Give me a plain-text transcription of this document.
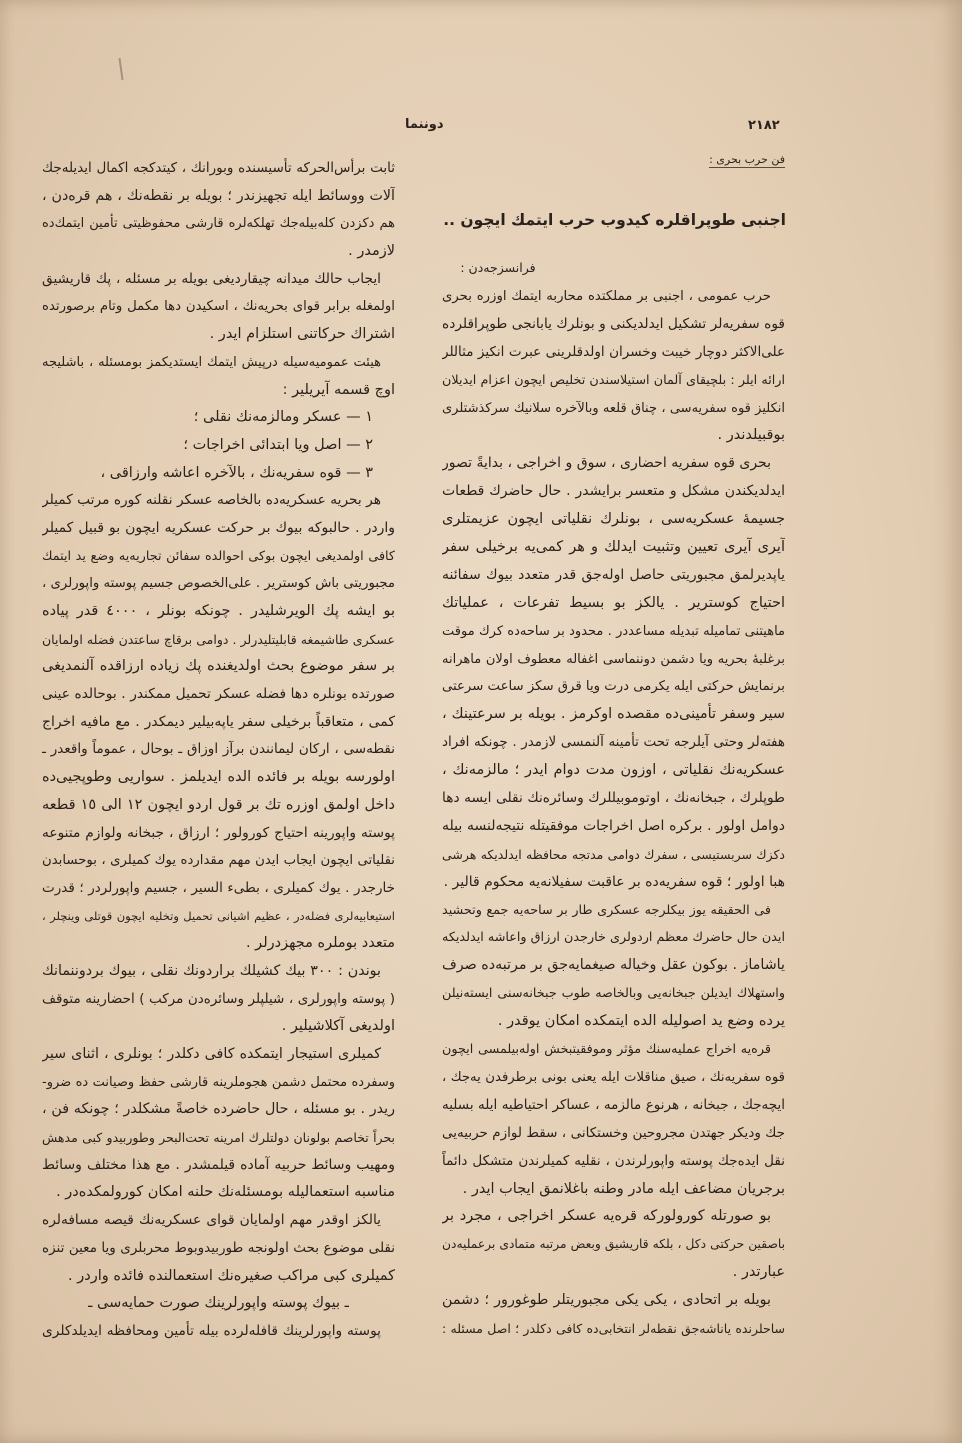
٢١٨٢
دوننما
فن حرب بحری :
اجنبی طوپراقلره کیدوب حرب ایتمك ایچون ..
فرانسزجه‌دن :
حرب عمومی ، اجنبی بر مملکتده محاربه ایتمك اوزره بحری
قوه سفریه‌لر تشکیل ایدلدیکنی و بونلرك یابانجی طوپراقلرده
علی‌الاکثر دوچار خیبت وخسران اولدقلرینی عبرت انکیز مثاللر
ارائه ایلر : بلچیقای آلمان استیلاسندن تخلیص ایچون اعزام ایدیلان
انکلیز قوه سفریه‌سی ، چناق قلعه وبالآخره سلانیك سرکذشتلری
بوقبیلدندر .
بحری قوه سفریه احضاری ، سوق و اخراجی ، بدایةً تصور
ایدلدیکندن مشکل و متعسر برایشدر . حال حاضرك قطعات
جسیمهٔ عسکریه‌سی ، بونلرك نقلیاتی ایچون عزیمتلری
آیری آیری تعیین وتثبیت ایدلك و هر کمی‌یه برخیلی سفر
یاپدیرلمق مجبوریتی حاصل اوله‌جق قدر متعدد بیوك سفائنه
احتیاج کوستریر . یالکز بو بسیط تفرعات ، عملیاتك
ماهیتنی تمامیله تبدیله مساعددر . محدود بر ساحه‌ده کرك موقت
برغلبهٔ بحریه ویا دشمن دوننماسی اغفاله معطوف اولان ماهرانه
برنمایش حرکتی ایله یکرمی درت ویا قرق سکز ساعت سرعتی
سیر وسفر تأمینی‌ده مقصده اوکرمز . بویله بر سرعتینك ،
هفته‌لر وحتی آیلرجه تحت تأمینه آلنمسی لازمدر . چونکه افراد
عسکریه‌نك نقلیاتی ، اوزون مدت دوام ایدر ؛ مالزمه‌نك ،
طوپلرك ، جبخانه‌نك ، اوتوموبیللرك وسائره‌نك نقلی ایسه دها
دوامل اولور . برکره اصل اخراجات موفقیتله نتیجه‌لنسه بیله
دکزك سربستیسی ، سفرك دوامی مدتجه محافظه ایدلدیکه هرشی
هبا اولور ؛ قوه سفریه‌ده بر عاقبت سفیلانه‌یه محکوم قالیر .
فی الحقیقه یوز بیکلرجه عسکری طار بر ساحه‌یه جمع وتحشید
ایدن حال حاضرك معظم اردولری خارجدن ارزاق واعاشه ایدلدیکه
یاشاماز . بوکون عقل وخیاله صیغمایه‌جق بر مرتبه‌ده صرف
واستهلاك ایدیلن جبخانه‌یی وبالخاصه طوب جبخانه‌سنی ایسته‌نیلن
یرده وضع ید اصولیله الده ایتمکده امکان یوقدر .
قره‌یه اخراج عملیه‌سنك مؤثر وموفقیتبخش اوله‌بیلمسی ایچون
قوه سفریه‌نك ، صیق مناقلات ایله یعنی بونی برطرفدن یه‌جك ،
ایچه‌جك ، جبخانه ، هرنوع مالزمه ، عساکر احتیاطیه ایله بسلیه‌
جك ودیکر جهتدن مجروحین وخستکانی ، سقط لوازم حربیه‌یی
نقل ایده‌جك پوسته واپورلرندن ، نقلیه کمیلرندن متشکل دائماً
برجریان مضاعف ایله مادر وطنه باغلانمق ایجاب ایدر .
بو صورتله کورولورکه قره‌یه عسکر اخراجی ، مجرد بر
باصقین حرکتی دکل ، بلکه قاریشیق وبعض مرتبه متمادی برعملیه‌دن
عبارتدر .
بویله بر اتحادی ، یکی یکی مجبوریتلر طوغورور ؛ دشمن
ساحلرنده یاناشه‌جق نقطه‌لر انتخابی‌ده کافی دکلدر ؛ اصل مسئله :
ثابت برأس‌الحرکه تأسیسنده وبورانك ، کیتدکجه اکمال ایدیله‌جك
آلات ووسائط ایله تجهیزندر ؛ بویله بر نقطه‌نك ، هم قره‌دن ،
هم دکزدن کله‌بیله‌جك تهلکه‌لره قارشی محفوظیتی تأمین ایتمك‌ده
لازمدر .
ایجاب حالك میدانه چیقاردیغی بویله بر مسئله ، پك قاریشیق
اولمغله برابر قوای بحریه‌نك ، اسکیدن دها مکمل وتام برصورتده
اشتراك حرکاتنی استلزام ایدر .
هیئت عمومیه‌سیله درپیش ایتمك ایستدیکمز بومسئله ، باشلیجه
اوچ قسمه آیریلیر :
١ — عسکر ومالزمه‌نك نقلی ؛
٢ — اصل ویا ابتدائی اخراجات ؛
٣ — قوه سفریه‌نك ، بالآخره اعاشه وارزاقی ،
هر بحریه عسکریه‌ده بالخاصه عسکر نقلنه کوره مرتب کمیلر
واردر . حالبوکه بیوك بر حرکت عسکریه ایچون بو قبیل کمیلر
کافی اولمدیغی ایچون بوکی احوالده سفائن تجاریه‌یه وضع ید ایتمك
مجبوریتی باش کوستریر . علی‌الخصوص جسیم پوسته واپورلری ،
بو ایشه پك الویرشلیدر . چونکه بونلر ، ٤٠٠٠ قدر پیاده
عسکری طاشیمغه قابلیتلیدرلر . دوامی برقاچ ساعتدن فضله اولمایان
بر سفر موضوع بحث اولدیغنده پك زیاده ارزاقده آلنمدیغی
صورتده بونلره دها فضله عسکر تحمیل ممکندر . بوحالده عینی
کمی ، متعاقباً برخیلی سفر یاپه‌بیلیر دیمکدر . مع مافیه اخراج
نقطه‌سی ، ارکان لیمانندن برآز اوزاق ـ بوحال ، عموماً واقعدر ـ
اولورسه بویله بر فائده الده ایدیلمز . سواریی وطوپجیی‌ده
داخل اولمق اوزره تك بر قول اردو ایچون ١٢ الی ١٥ قطعه
پوسته واپورینه احتیاج کورولور ؛ ارزاق ، جبخانه ولوازم متنوعه
نقلیاتی ایچون ایجاب ایدن مهم مقدارده یوك کمیلری ، بوحسابدن
خارجدر . یوك کمیلری ، بطیء السیر ، جسیم واپورلردر ؛ قدرت
استیعابیه‌لری فضله‌در ، عظیم اشیانی تحمیل وتخلیه ایچون قوتلی وینچلر ،
متعدد بوملره مجهزدرلر .
بوندن : ٣٠٠ بیك کشیلك براردونك نقلی ، بیوك بردوننمانك
( پوسته واپورلری ، شیلپلر وسائره‌دن مرکب ) احضارینه متوقف
اولدیغی آکلاشیلیر .
کمیلری استیجار ایتمکده کافی دکلدر ؛ بونلری ، اثنای سیر
وسفرده محتمل دشمن هجوملرینه قارشی حفظ وصیانت ده ضرو-
ریدر . بو مسئله ، حال حاضرده خاصةً مشکلدر ؛ چونکه فن ،
بحراً تخاصم بولونان دولتلرك امرینه تحت‌البحر وطوربیدو کبی مدهش
ومهیب وسائط حربیه آماده قیلمشدر . مع هذا مختلف وسائط
مناسبه استعمالیله بومسئله‌نك حلنه امکان کورولمکده‌در .
یالکز اوقدر مهم اولمایان قوای عسکریه‌نك قیصه مسافه‌لره
نقلی موضوع بحث اولونجه طوربیدوبوط محربلری ویا معین تنزه
کمیلری کبی مراکب صغیره‌نك استعمالنده فائده واردر .
ـ بیوك پوسته واپورلرینك صورت حمایه‌سی ـ
پوسته واپورلرینك قافله‌لرده بیله تأمین ومحافظه ایدیلدکلری
